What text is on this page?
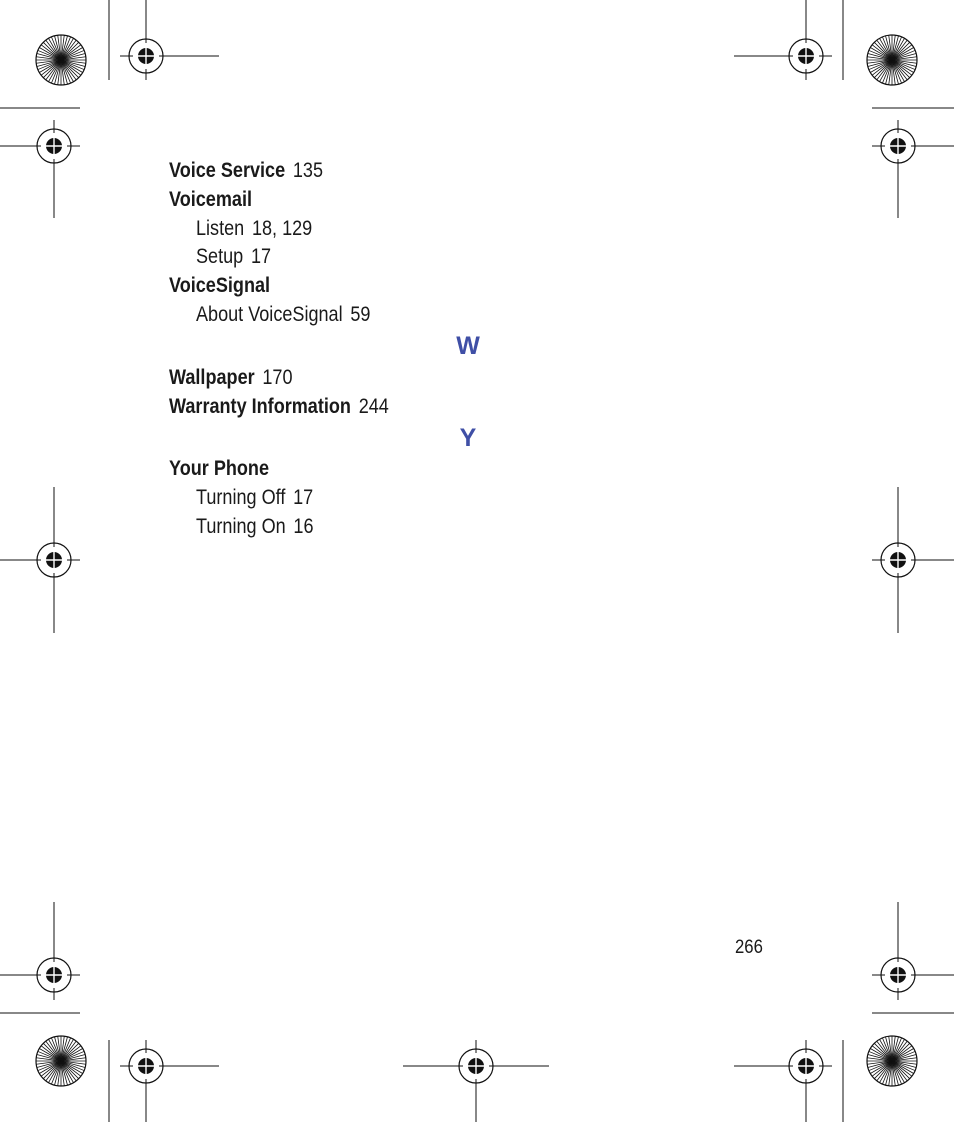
Voice Service 135
Voicemail
Listen 18, 129
Setup 17
VoiceSignal
About VoiceSignal 59
W
Wallpaper 170
Warranty Information 244
Y
Your Phone
Turning Off 17
Turning On 16
266
